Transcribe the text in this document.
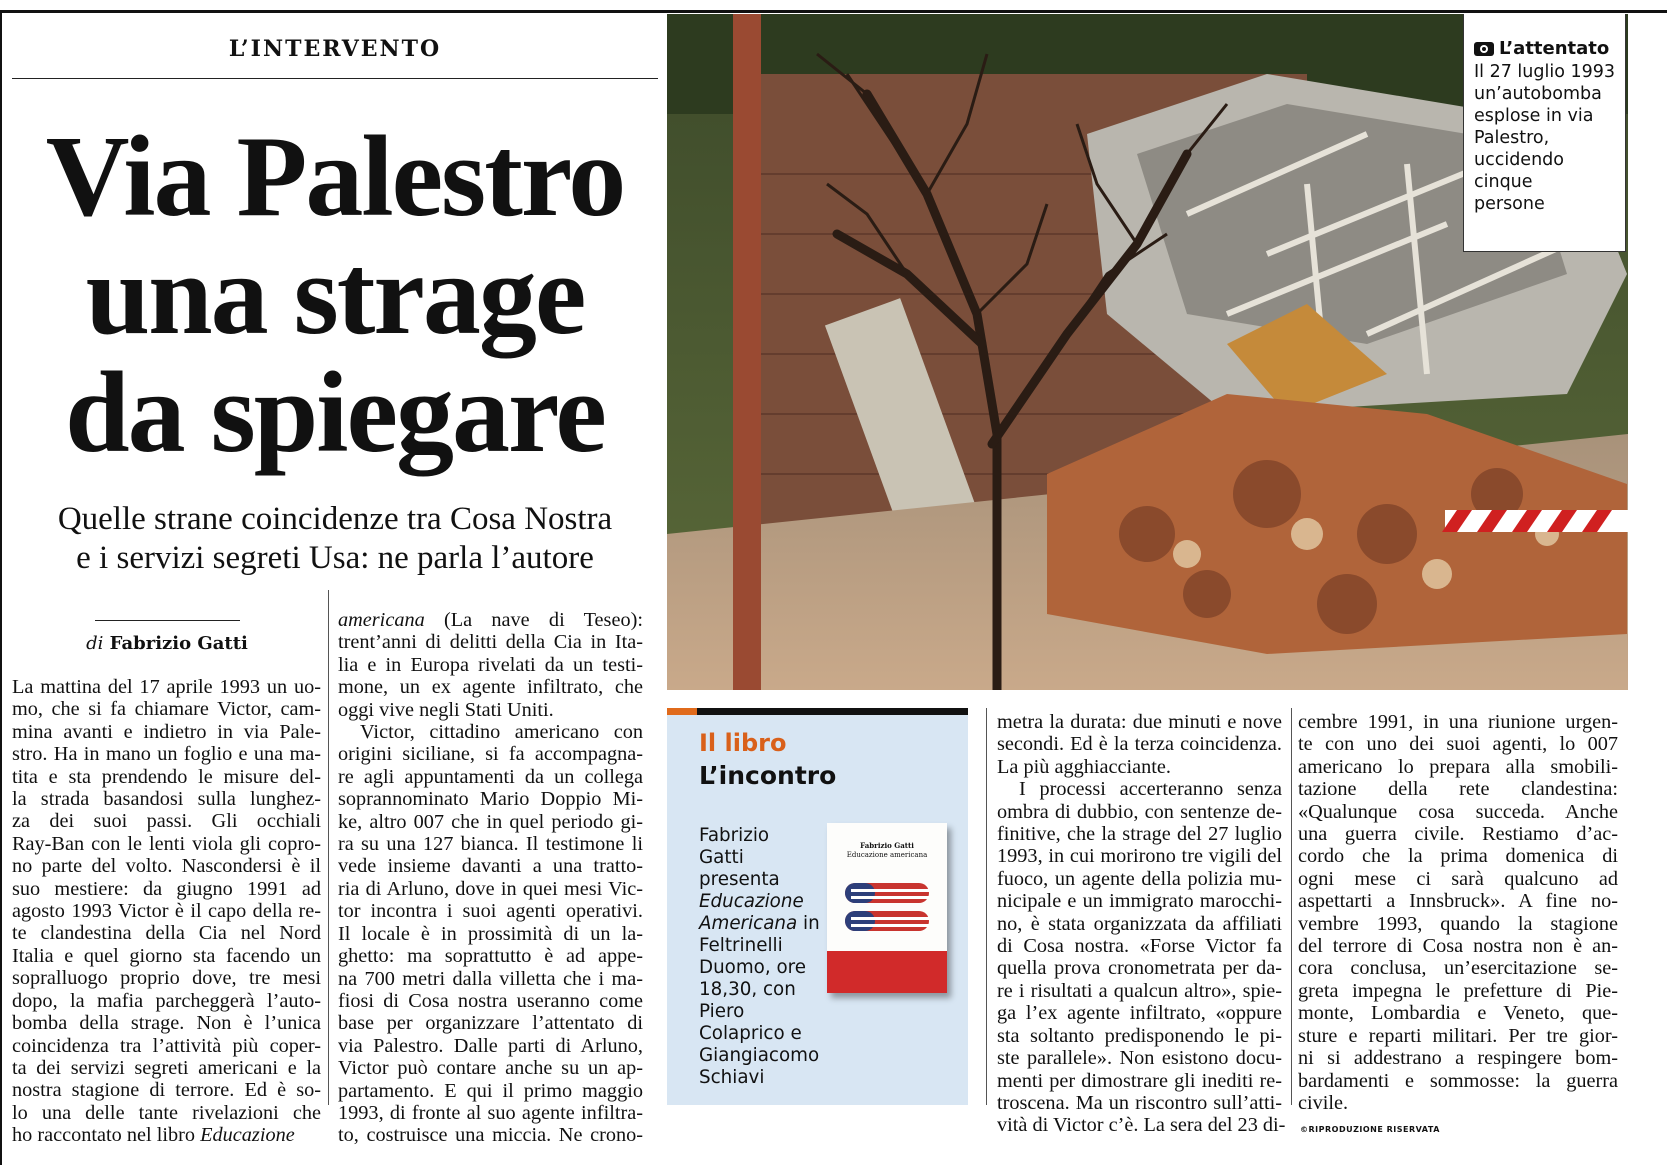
L’INTERVENTO
Via Palestro
una strage
da spiegare
Quelle strane coincidenze tra Cosa Nostra
e i servizi segreti Usa: ne parla l’autore
di Fabrizio Gatti
La mattina del 17 aprile 1993 un uo-
mo, che si fa chiamare Victor, cam-
mina avanti e indietro in via Pale-
stro. Ha in mano un foglio e una ma-
tita e sta prendendo le misure del-
la strada basandosi sulla lunghez-
za dei suoi passi. Gli occhiali
Ray-Ban con le lenti viola gli copro-
no parte del volto. Nascondersi è il
suo mestiere: da giugno 1991 ad
agosto 1993 Victor è il capo della re-
te clandestina della Cia nel Nord
Italia e quel giorno sta facendo un
sopralluogo proprio dove, tre mesi
dopo, la mafia parcheggerà l’auto-
bomba della strage. Non è l’unica
coincidenza tra l’attività più coper-
ta dei servizi segreti americani e la
nostra stagione di terrore. Ed è so-
lo una delle tante rivelazioni che
ho raccontato nel libro Educazione
americana (La nave di Teseo):
trent’anni di delitti della Cia in Ita-
lia e in Europa rivelati da un testi-
mone, un ex agente infiltrato, che
oggi vive negli Stati Uniti.
Victor, cittadino americano con
origini siciliane, si fa accompagna-
re agli appuntamenti da un collega
soprannominato Mario Doppio Mi-
ke, altro 007 che in quel periodo gi-
ra su una 127 bianca. Il testimone li
vede insieme davanti a una tratto-
ria di Arluno, dove in quei mesi Vic-
tor incontra i suoi agenti operativi.
Il locale è in prossimità di un la-
ghetto: ma soprattutto è ad appe-
na 700 metri dalla villetta che i ma-
fiosi di Cosa nostra useranno come
base per organizzare l’attentato di
via Palestro. Dalle parti di Arluno,
Victor può contare anche su un ap-
partamento. E qui il primo maggio
1993, di fronte al suo agente infiltra-
to, costruisce una miccia. Ne crono-
metra la durata: due minuti e nove
secondi. Ed è la terza coincidenza.
La più agghiacciante.
I processi accerteranno senza
ombra di dubbio, con sentenze de-
finitive, che la strage del 27 luglio
1993, in cui morirono tre vigili del
fuoco, un agente della polizia mu-
nicipale e un immigrato marocchi-
no, è stata organizzata da affiliati
di Cosa nostra. «Forse Victor fa
quella prova cronometrata per da-
re i risultati a qualcun altro», spie-
ga l’ex agente infiltrato, «oppure
sta soltanto predisponendo le pi-
ste parallele». Non esistono docu-
menti per dimostrare gli inediti re-
troscena. Ma un riscontro sull’atti-
vità di Victor c’è. La sera del 23 di-
cembre 1991, in una riunione urgen-
te con uno dei suoi agenti, lo 007
americano lo prepara alla smobili-
tazione della rete clandestina:
«Qualunque cosa succeda. Anche
una guerra civile. Restiamo d’ac-
cordo che la prima domenica di
ogni mese ci sarà qualcuno ad
aspettarti a Innsbruck». A fine no-
vembre 1993, quando la stagione
del terrore di Cosa nostra non è an-
cora conclusa, un’esercitazione se-
greta impegna le prefetture di Pie-
monte, Lombardia e Veneto, que-
sture e reparti militari. Per tre gior-
ni si addestrano a respingere bom-
bardamenti e sommosse: la guerra
civile.
L’attentato
Il 27 luglio 1993
un’autobomba
esplose in via
Palestro,
uccidendo
cinque
persone
Il libro
L’incontro
Fabrizio
Gatti
presenta
Educazione
Americana in
Feltrinelli
Duomo, ore
18,30, con
Piero
Colaprico e
Giangiacomo
Schiavi
Fabrizio Gatti
Educazione americana
©RIPRODUZIONE RISERVATA
